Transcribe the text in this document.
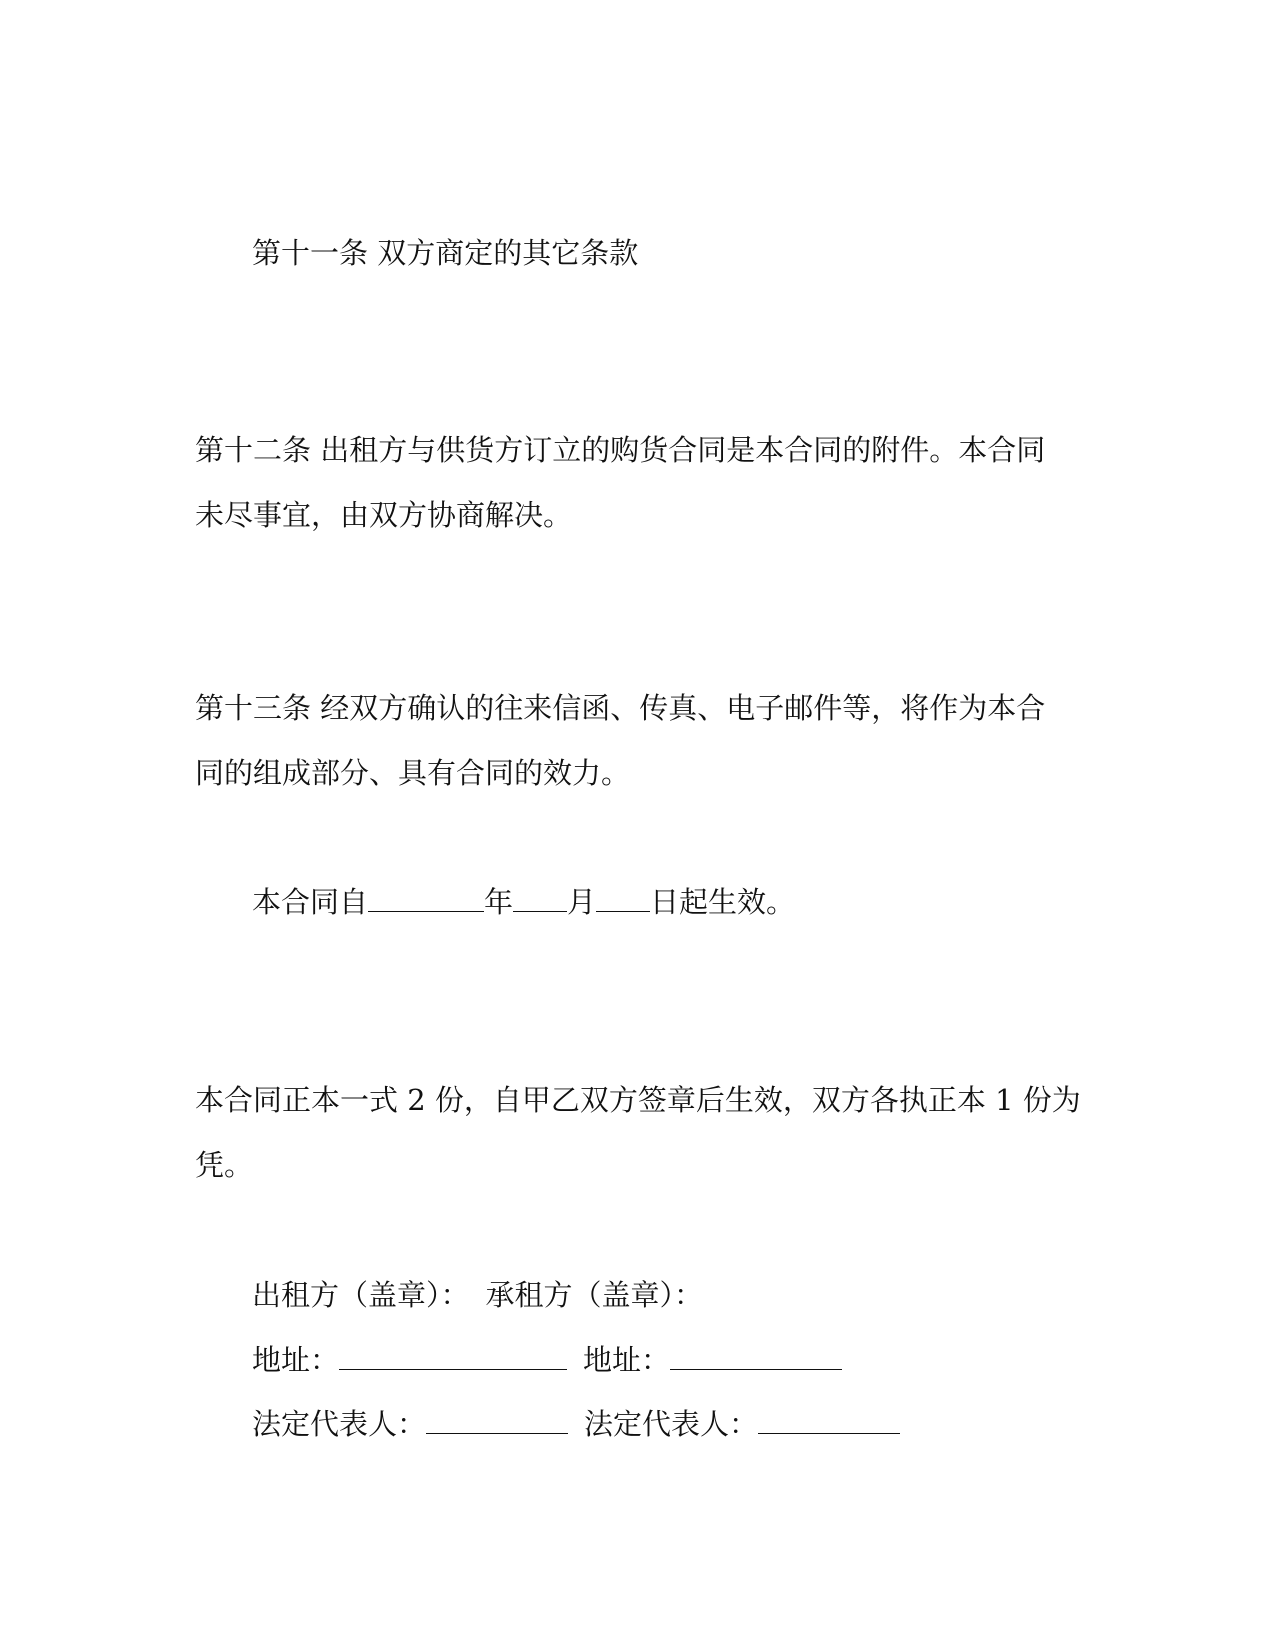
第十一条 双方商定的其它条款
第十二条 出租方与供货方订立的购货合同是本合同的附件。本合同
未尽事宜，由双方协商解决。
第十三条 经双方确认的往来信函、传真、电子邮件等，将作为本合
同的组成部分、具有合同的效力。
本合同自	年 月 日起生效。
本合同正本一式 2 份，自甲乙双方签章后生效，双方各执正本 1 份为
凭。
出租方（盖章）： 承租方（盖章）：
地址：	地址：
法定代表人：	法定代表人：
